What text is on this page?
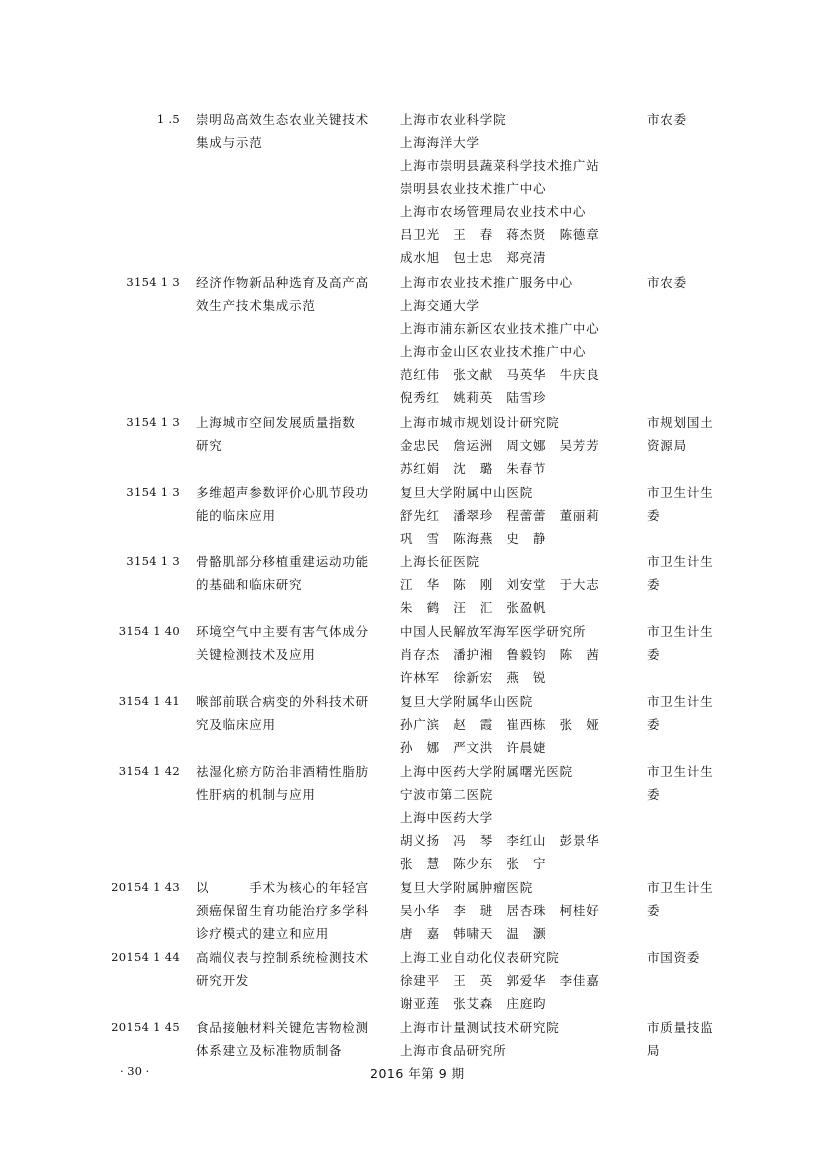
1 .5 崇明岛高效生态农业关键技术
集成与示范
上海市农业科学院
上海海洋大学
上海市崇明县蔬菜科学技术推广站
崇明县农业技术推广中心
上海市农场管理局农业技术中心
吕卫光　王　春　蒋杰贤　陈德章
成水旭　包士忠　郑亮清
市农委
3154 1 3 经济作物新品种选育及高产高
效生产技术集成示范
上海市农业技术推广服务中心
上海交通大学
上海市浦东新区农业技术推广中心
上海市金山区农业技术推广中心
范红伟　张文献　马英华　牛庆良
倪秀红　姚莉英　陆雪珍
市农委
3154 1 3 上海城市空间发展质量指数
研究
上海市城市规划设计研究院
金忠民　詹运洲　周文娜　吴芳芳
苏红娟　沈　璐　朱春节
市规划国土
资源局
3154 1 3 多维超声参数评价心肌节段功
能的临床应用
复旦大学附属中山医院
舒先红　潘翠珍　程蕾蕾　董丽莉
巩　雪　陈海燕　史　静
市卫生计生
委
3154 1 3 骨骼肌部分移植重建运动功能
的基础和临床研究
上海长征医院
江　华　陈　刚　刘安堂　于大志
朱　鹤　汪　汇　张盈帆
市卫生计生
委
3154 1 40 环境空气中主要有害气体成分
关键检测技术及应用
中国人民解放军海军医学研究所
肖存杰　潘护湘　鲁毅钧　陈　茜
许林军　徐新宏　燕　锐
市卫生计生
委
3154 1 41 喉部前联合病变的外科技术研
究及临床应用
复旦大学附属华山医院
孙广滨　赵　霞　崔西栋　张　娅
孙　娜　严文洪　许晨婕
市卫生计生
委
3154 1 42 祛湿化瘀方防治非酒精性脂肪
性肝病的机制与应用
上海中医药大学附属曙光医院
宁波市第二医院
上海中医药大学
胡义扬　冯　琴　李红山　彭景华
张　慧　陈少东　张　宁
市卫生计生
委
20154 1 43 以　　　手术为核心的年轻宫
颈癌保留生育功能治疗多学科
诊疗模式的建立和应用
复旦大学附属肿瘤医院
吴小华　李　琎　居杏珠　柯桂好
唐　嘉　韩啸天　温　灏
市卫生计生
委
20154 1 44 高端仪表与控制系统检测技术
研究开发
上海工业自动化仪表研究院
徐建平　王　英　郭爱华　李佳嘉
谢亚莲　张艾森　庄庭昀
市国资委
20154 1 45 食品接触材料关键危害物检测
体系建立及标准物质制备
上海市计量测试技术研究院
上海市食品研究所
市质量技监
局
· 30 ·	2016 年第 9 期
